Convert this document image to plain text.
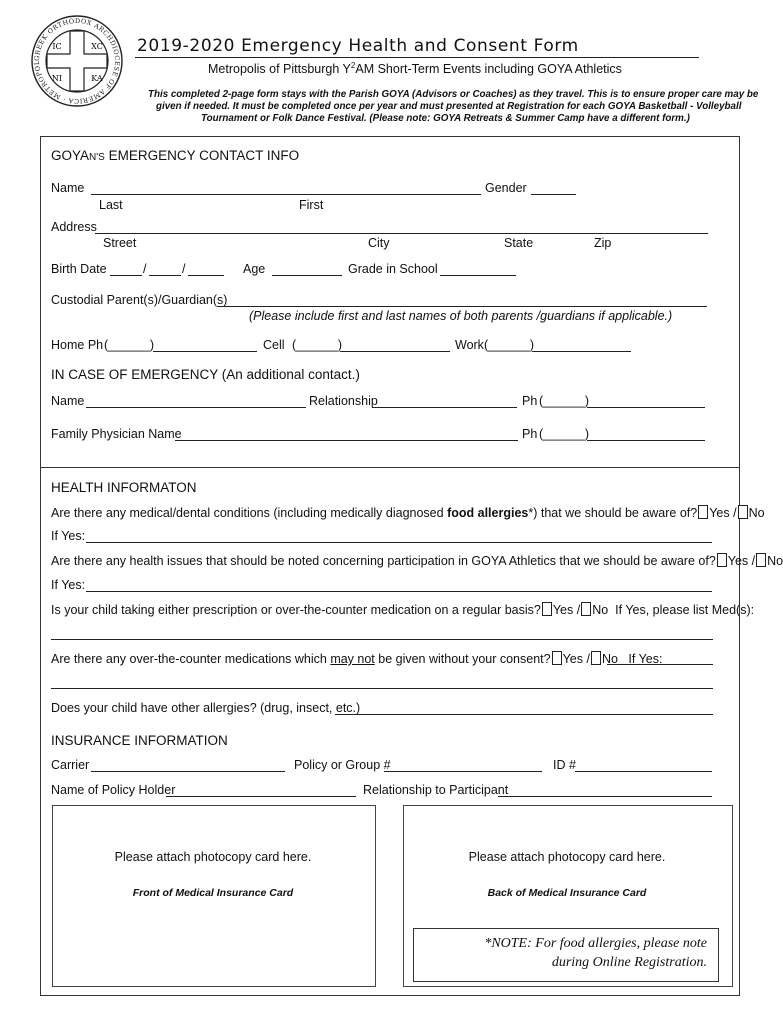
GREEK ORTHODOX ARCHDIOCESE OF AMERICA · METROPOL
IC	XC
NI	KA
2019-2020 Emergency Health and Consent Form
Metropolis of Pittsburgh $Y^2AM$ Short-Term Events including GOYA Athletics
This completed 2-page form stays with the Parish GOYA (Advisors or Coaches) as they travel. This is to ensure proper care may be
given if needed. It must be completed once per year and must presented at Registration for each GOYA Basketball - Volleyball
Tournament or Folk Dance Festival. (Please note: GOYA Retreats & Summer Camp have a different form.)
GOYAN'S EMERGENCY CONTACT INFO
Name	Gender
Last	First
Address
Street	City	State	Zip
Birth Date	/	/	Age	Grade in School
Custodial Parent(s)/Guardian(s)
(Please include first and last names of both parents /guardians if applicable.)
Home Ph (______)	Cell (______)	Work (______)
IN CASE OF EMERGENCY (An additional contact.)
Name	Relationship	Ph (______)
Family Physician Name	Ph (______)
HEALTH INFORMATON
Are there any medical/dental conditions (including medically diagnosed food allergies*) that we should be aware of? Yes / No
If Yes:
Are there any health issues that should be noted concerning participation in GOYA Athletics that we should be aware of? Yes / No
If Yes:
Is your child taking either prescription or over-the-counter medication on a regular basis? Yes / No If Yes, please list Med(s):
Are there any over-the-counter medications which may not be given without your consent? Yes / No If Yes:
Does your child have other allergies? (drug, insect, etc.)
INSURANCE INFORMATION
Carrier	Policy or Group #	ID #
Name of Policy Holder	Relationship to Participant
Please attach photocopy card here.
Front of Medical Insurance Card
Please attach photocopy card here.
Back of Medical Insurance Card
*NOTE: For food allergies, please note
during Online Registration.
